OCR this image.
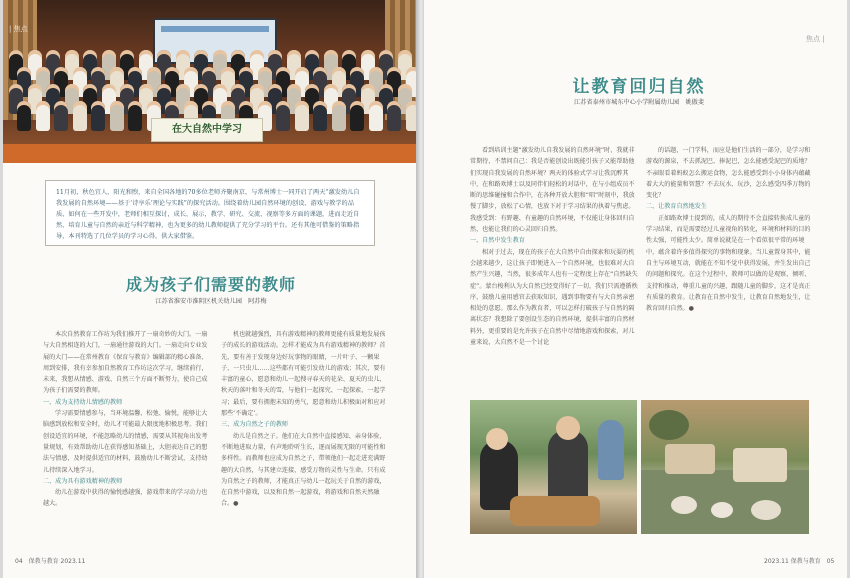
在大自然中学习
| 焦点
11月初，秋色宜人，阳光和煦，来自全国各地的70多位老师齐聚南京，与常州博士一同开启了两天“激发幼儿自我发展的自然环境——基于‘诗享乐’理论与实践”的探究活动。围绕着幼儿园自然环境的创设、游戏与教学的品质、如何在一些开发中，老师们相互探讨，成长、展示，教学、研究、交流、视察等多方面的课题，进而走近自然、培育儿童与自然的亲近与科学精神，也为更多的幼儿教师提供了充分学习的平台。还有其他可借鉴的策略指导，本刊特选了几位学员的学习心得，供大家借鉴。
成为孩子们需要的教师
江苏省淮安市淮阴区机关幼儿园　阿苏梅

本次自然教育工作坊为我们推开了一扇奇妙的大门。一扇与大自然相连的大门，一扇通往游戏的大门。一扇走向专业发展的大门——在常州教育《保育与教育》编辑部的精心准备、周到安排，我有幸参加自然教育工作坊这次学习，继续前行，未来，我想从情感、游戏、自然三个方面不断努力，使自己成为孩子们需要的教师。

一、成为支持幼儿情感的教师

学习需要情感参与，当环境温馨、松弛、愉悦，能够让大脑感到放松和安全时，幼儿才可能最大限度地积极思考。我们创设适宜的环境，不能忽略幼儿的情感，需要从其视角出发考量规划，有效帮助幼儿在获得感知基础上，大胆表达自己的想法与情感，及时提供适宜的材料，鼓励幼儿不断尝试，支持幼儿持续深入地学习。

二、成为具有游戏精神的教师

幼儿在游戏中获得的愉悦感越强，游戏带来的学习动力也越大。

机也就越强烈，具有游戏精神的教师更能有质量地发展孩子的成长的游戏活动。怎样才能成为具有游戏精神的教师？首先，要有善于发现身边好玩事物的眼睛，一片叶子、一颗果子、一只虫儿……这些都有可能引发幼儿的游戏；其次，要有丰富的童心，愿意和幼儿一起搜寻春天的花朵、夏天的虫儿、秋天的落叶和冬天的雪，与他们一起探究、一起探索，一起学习；最后，要有拥抱未知的勇气，愿意和幼儿积极面对和应对那些‘不确定’。

三、成为自然之子的教师

幼儿是自然之子。他们在大自然中直接感知、亲身体验，不断地进取力量，有声地聆听生长，逐而展现无限的可能性和多样性。而教师也应成为自然之子，带领他们一起走进充满野趣的大自然，与其建立连接，感受万物的灵性与生命。只有成为自然之子的教师，才能真正与幼儿一起玩关于自然的游戏，在自然中游戏，以及和自然一起游戏，将游戏和自然天然融合。●

04　保教与教育 2023.11
焦点 |
让教育回归自然
江苏省泰州市城东中心小学附属幼儿园　姚傲斐

看到培训主题“激发幼儿自我发展的自然环境”时，我就非常期待，不禁问自己：我是否能创设出既能引孩子又能帮助他们实现自我发展的自然环境？两天的体验式学习让我沉醉其中，在和路欢博士以及同伴们轻松的对话中，在与小组成员不断的思维碰撞和合作中，在各种开放大胆和“唱”时刻中，我放慢了脚步，放松了心情，也放下对于学习结果的执着与焦虑。我感受到：有野趣、有童趣的自然环境，不仅能让身体回归自然，也能让我们的心灵回归自然。

一、自然中发生教育

相对于过去，现在的孩子在大自然中自由探索和玩耍的机会越来越少，这让孩子即便进入一个自然环境，也很难对大自然产生兴趣，当然，很多成年人也有一定程度上存在“自然缺失症”。蒙台梭利认为大自然已经变得好了一切，我们只需遵循秩序，鼓励儿童用感官去获取知识，遇到事物要有与大自然亲密相处的意愿。那么作为教育者，可以怎样打破孩子与自然的隔离状态？我想除了要创设生态的自然环境，提供丰富的自然材料外，更重要的是允许孩子在自然中尽情地游戏和探索，对儿童来说，大自然不是一个讨论

的话题，一门学科，而应是他们生活的一部分，是学习和游戏的源泉，不去抓泥巴、捧泥巴，怎么能感受泥巴的质地？不亲眼看着蚂蚁怎么搬运食物，怎么能感受到小小身体内蕴藏着大大的能量和智慧？不去玩水、玩沙，怎么感受四季万物的变化？

二、让教育自然地发生

正如路欢博士提到的，成人的期待不会直接转换成儿童的学习结果，而是需要经过儿童视角的转化，环境和材料的目的性太强，可能性太少。简单说就是在一个看似很平常的环境中，蕴含着许多值得探究的事物和现象。当儿童置身其中，能自主与环境互动，就能在不知不觉中获得发展，并生发出自己的问题和探究。在这个过程中，教师可以做的是观察、倾听、支持和推动，尊重儿童的兴趣，跟随儿童的脚步，这才是真正有质量的教育。让教育在自然中发生，让教育自然地发生，让教育回归自然。●

2023.11 保教与教育　05
